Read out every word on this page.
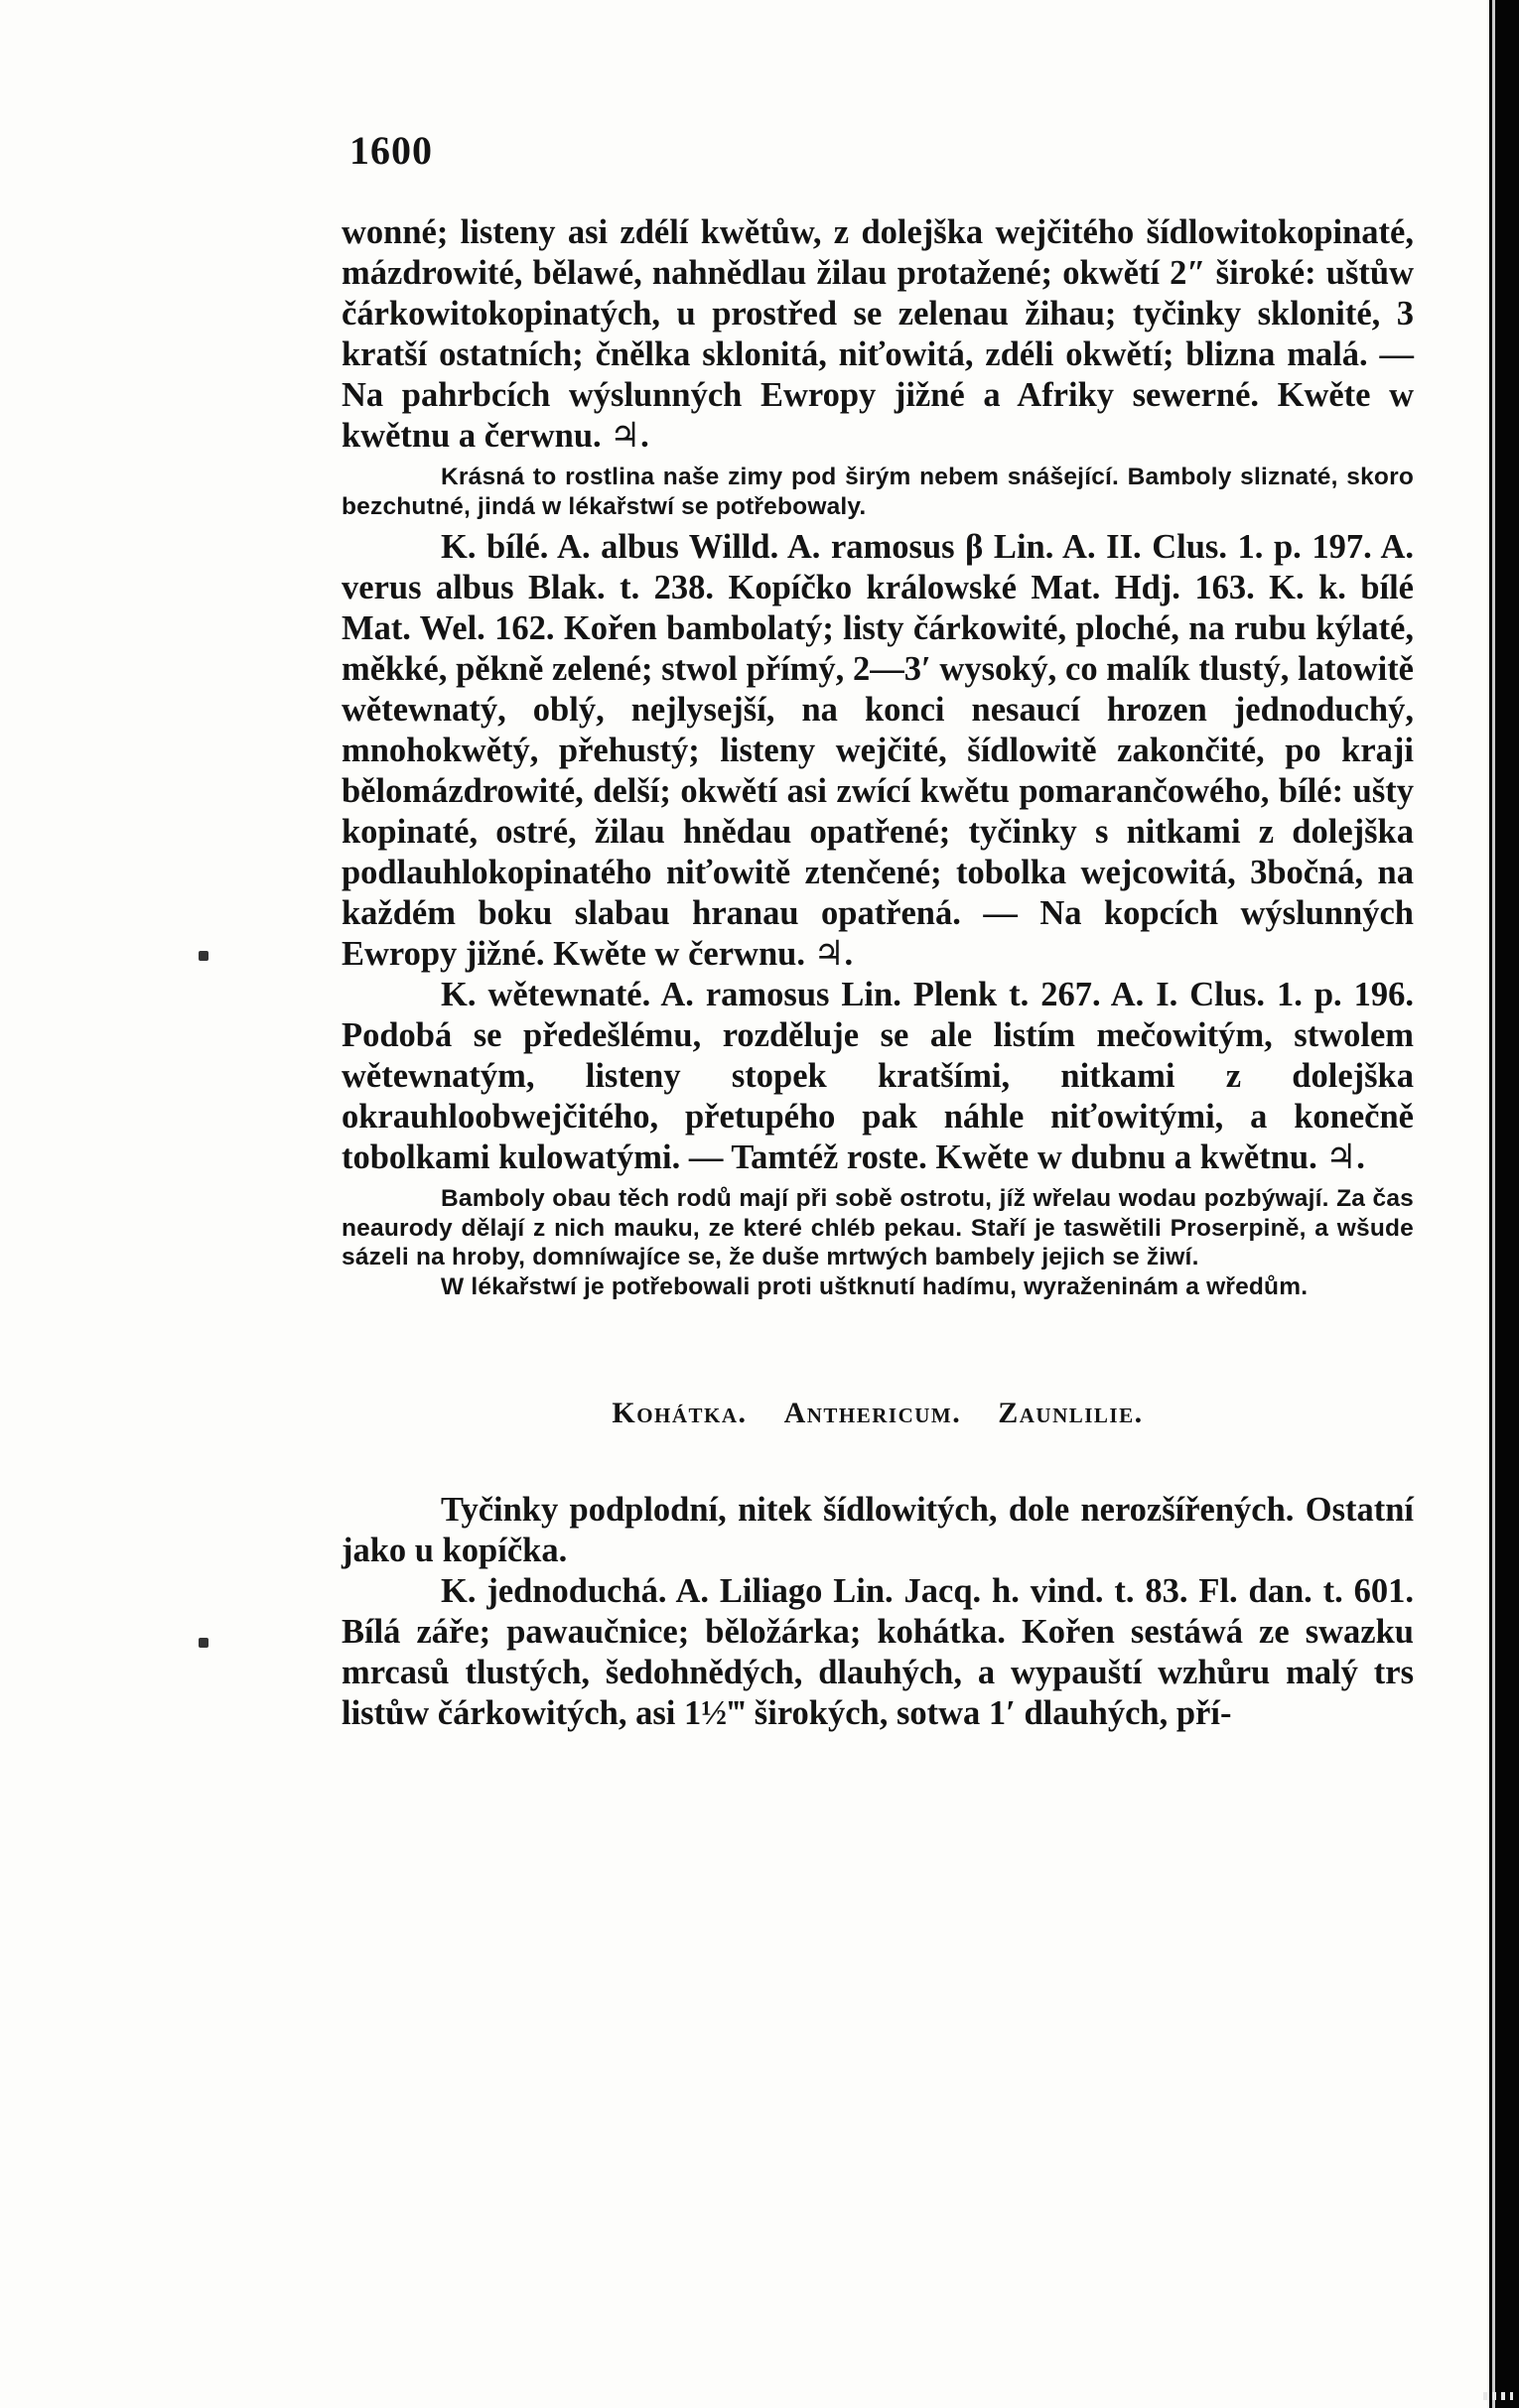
1600

wonné; listeny asi zdélí kwětůw, z dolejška wejčitého šídlowitokopinaté, mázdrowité, bělawé, nahnědlau žilau protažené; okwětí 2″ široké: uštůw čárkowitokopinatých, u prostřed se zelenau žihau; tyčinky sklonité, 3 kratší ostatních; čnělka sklonitá, niťowitá, zdéli okwětí; blizna malá. — Na pahrbcích wýslunných Ewropy jižné a Afriky sewerné. Kwěte w kwětnu a čerwnu. ♃.

Krásná to rostlina naše zimy pod širým nebem snášející. Bamboly sliznaté, skoro bezchutné, jindá w lékařstwí se potřebowaly.

K. bílé. A. albus Willd. A. ramosus β Lin. A. II. Clus. 1. p. 197. A. verus albus Blak. t. 238. Kopíčko králowské Mat. Hdj. 163. K. k. bílé Mat. Wel. 162. Kořen bambolatý; listy čárkowité, ploché, na rubu kýlaté, měkké, pěkně zelené; stwol přímý, 2—3′ wysoký, co malík tlustý, latowitě wětewnatý, oblý, nejlysejší, na konci nesaucí hrozen jednoduchý, mnohokwětý, přehustý; listeny wejčité, šídlowitě zakončité, po kraji bělomázdrowité, delší; okwětí asi zwící kwětu pomarančowého, bílé: ušty kopinaté, ostré, žilau hnědau opatřené; tyčinky s nitkami z dolejška podlauhlokopinatého niťowitě ztenčené; tobolka wejcowitá, 3bočná, na každém boku slabau hranau opatřená. — Na kopcích wýslunných Ewropy jižné. Kwěte w čerwnu. ♃.

K. wětewnaté. A. ramosus Lin. Plenk t. 267. A. I. Clus. 1. p. 196. Podobá se předešlému, rozděluje se ale listím mečowitým, stwolem wětewnatým, listeny stopek kratšími, nitkami z dolejška okrauhloobwejčitého, přetupého pak náhle niťowitými, a konečně tobolkami kulowatými. — Tamtéž roste. Kwěte w dubnu a kwětnu. ♃.

Bamboly obau těch rodů mají při sobě ostrotu, jíž wřelau wodau pozbýwají. Za čas neaurody dělají z nich mauku, ze které chléb pekau. Staří je taswětili Proserpině, a wšude sázeli na hroby, domníwajíce se, že duše mrtwých bambely jejich se žiwí.

W lékařstwí je potřebowali proti uštknutí hadímu, wyraženinám a wředům.

Kohátka. Anthericum. Zaunlilie.

Tyčinky podplodní, nitek šídlowitých, dole nerozšířených. Ostatní jako u kopíčka.

K. jednoduchá. A. Liliago Lin. Jacq. h. vind. t. 83. Fl. dan. t. 601. Bílá záře; pawaučnice; běložárka; kohátka. Kořen sestáwá ze swazku mrcasů tlustých, šedohnědých, dlauhých, a wypauští wzhůru malý trs listůw čárkowitých, asi 1½‴ širokých, sotwa 1′ dlauhých, pří-
